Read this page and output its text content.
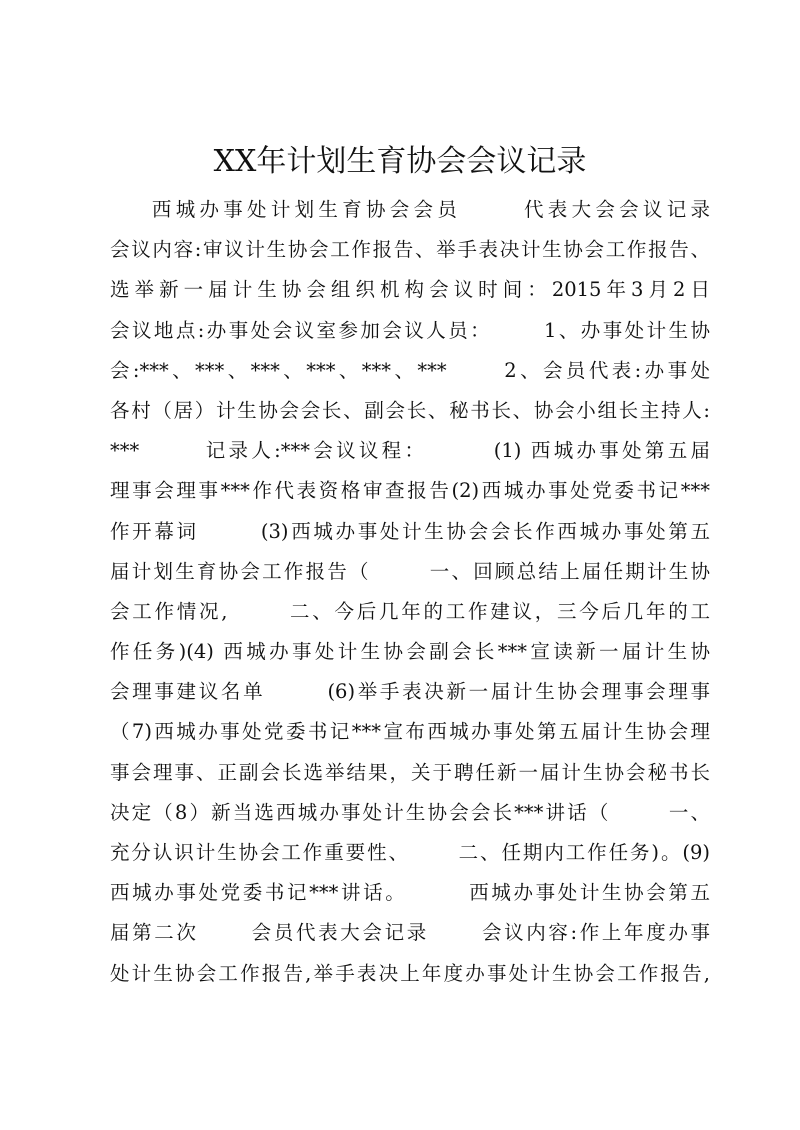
XX年计划生育协会会议记录
西城办事处计划生育协会会员      代表大会会议记录
会议内容:审议计生协会工作报告、举手表决计生协会工作报告、
选举新一届计生协会组织机构会议时间：2015年3月2日
会议地点:办事处会议室参加会议人员：      1、办事处计生协
会:***、***、***、***、***、***      2、会员代表:办事处
各村（居）计生协会会长、副会长、秘书长、协会小组长主持人:
***       记录人:***会议议程：       (1) 西城办事处第五届
理事会理事***作代表资格审查报告(2)西城办事处党委书记***
作开幕词       (3)西城办事处计生协会会长作西城办事处第五
届计划生育协会工作报告（       一、回顾总结上届任期计生协
会工作情况,       二、今后几年的工作建议，三今后几年的工
作任务)(4) 西城办事处计生协会副会长***宣读新一届计生协
会理事建议名单       (6)举手表决新一届计生协会理事会理事
（7)西城办事处党委书记***宣布西城办事处第五届计生协会理
事会理事、正副会长选举结果，关于聘任新一届计生协会秘书长
决定（8）新当选西城办事处计生协会会长***讲话（       一、
充分认识计生协会工作重要性、      二、任期内工作任务)。(9)
西城办事处党委书记***讲话。       西城办事处计生协会第五
届第二次      会员代表大会记录      会议内容:作上年度办事
处计生协会工作报告,举手表决上年度办事处计生协会工作报告,
